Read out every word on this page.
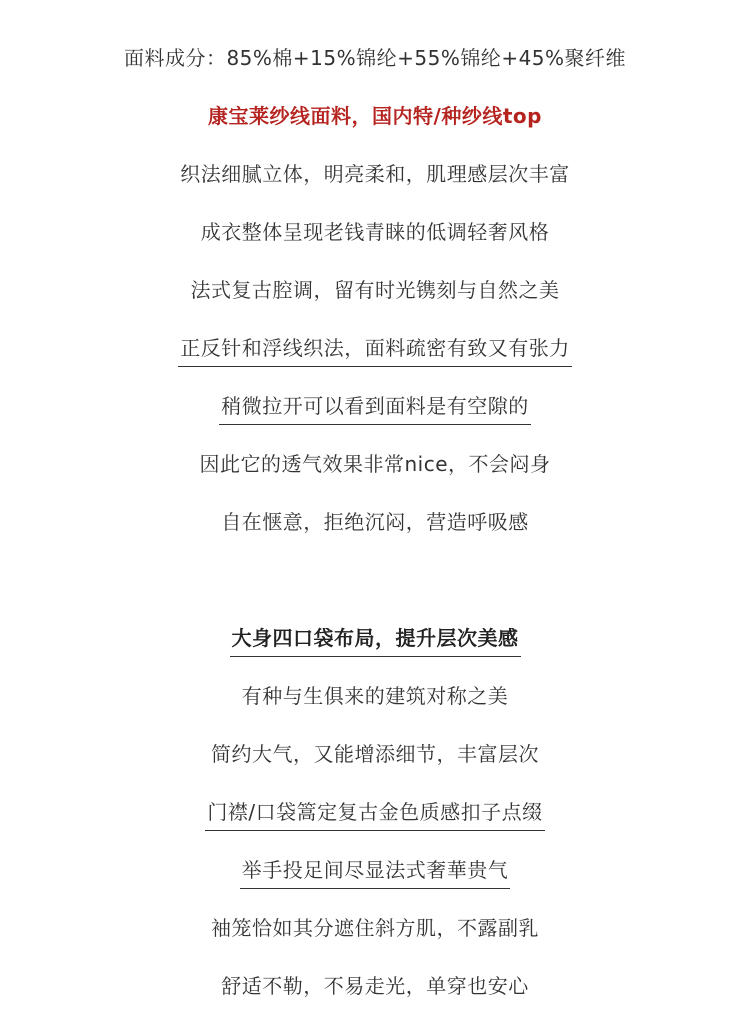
面料成分：85%棉+15%锦纶+55%锦纶+45%聚纤维
康宝莱纱线面料，国内特/种纱线top
织法细腻立体，明亮柔和，肌理感层次丰富
成衣整体呈现老钱青睐的低调轻奢风格
法式复古腔调，留有时光镌刻与自然之美
正反针和浮线织法，面料疏密有致又有张力
稍微拉开可以看到面料是有空隙的
因此它的透气效果非常nice，不会闷身
自在惬意，拒绝沉闷，营造呼吸感
大身四口袋布局，提升层次美感
有种与生俱来的建筑对称之美
简约大气，又能增添细节，丰富层次
门襟/口袋篙定复古金色质感扣子点缀
举手投足间尽显法式奢華贵气
袖笼恰如其分遮住斜方肌，不露副乳
舒适不勒，不易走光，单穿也安心
